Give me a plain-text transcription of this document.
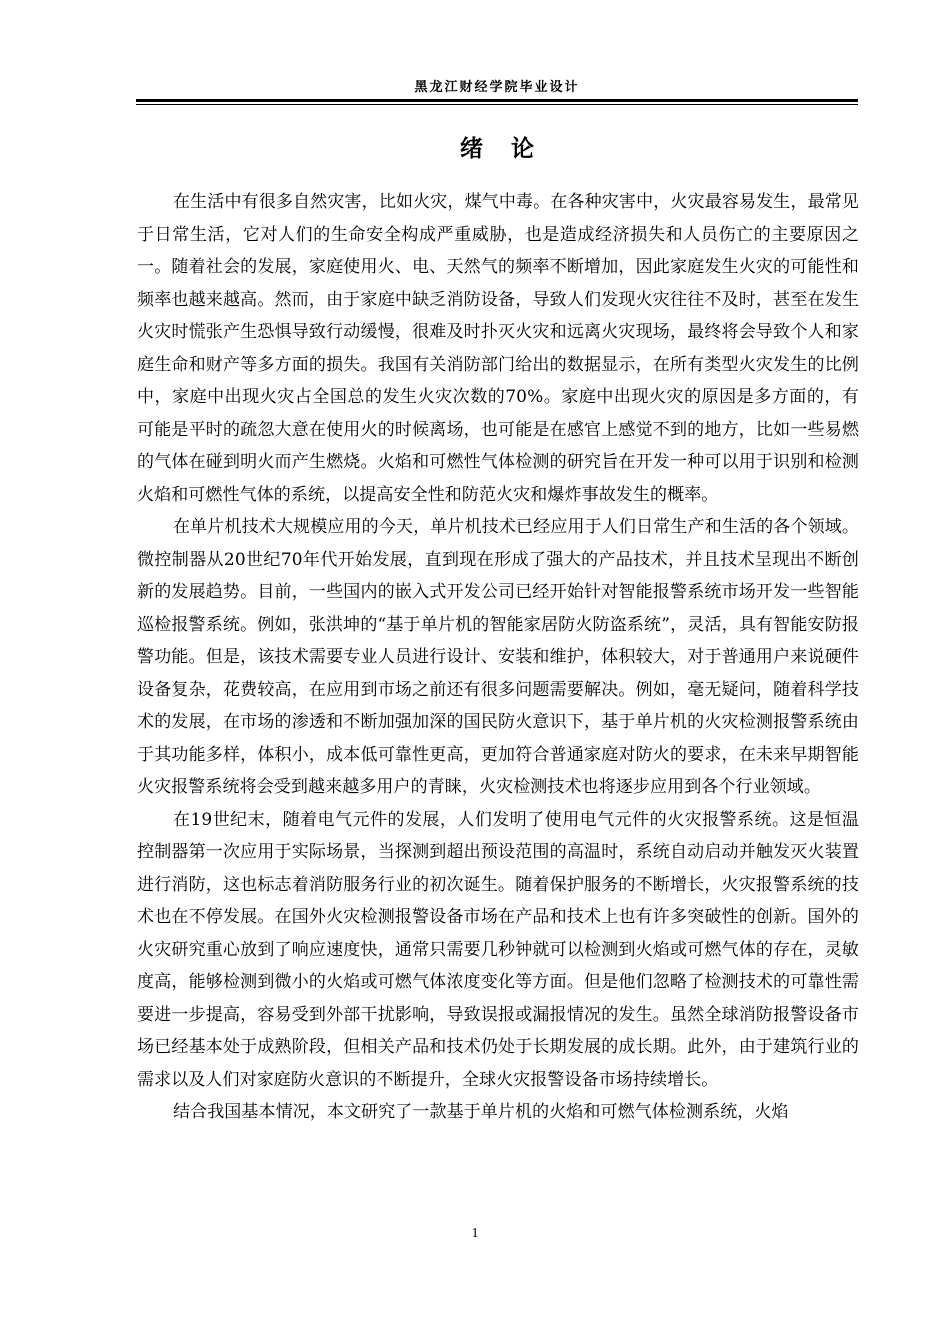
黑龙江财经学院毕业设计
绪论

在生活中有很多自然灾害，比如火灾，煤气中毒。在各种灾害中，火灾最容易发生，最常见于日常生活，它对人们的生命安全构成严重威胁，也是造成经济损失和人员伤亡的主要原因之一。随着社会的发展，家庭使用火、电、天然气的频率不断增加，因此家庭发生火灾的可能性和频率也越来越高。然而，由于家庭中缺乏消防设备，导致人们发现火灾往往不及时，甚至在发生火灾时慌张产生恐惧导致行动缓慢，很难及时扑灭火灾和远离火灾现场，最终将会导致个人和家庭生命和财产等多方面的损失。我国有关消防部门给出的数据显示，在所有类型火灾发生的比例中，家庭中出现火灾占全国总的发生火灾次数的70%。家庭中出现火灾的原因是多方面的，有可能是平时的疏忽大意在使用火的时候离场，也可能是在感官上感觉不到的地方，比如一些易燃的气体在碰到明火而产生燃烧。火焰和可燃性气体检测的研究旨在开发一种可以用于识别和检测火焰和可燃性气体的系统，以提高安全性和防范火灾和爆炸事故发生的概率。

在单片机技术大规模应用的今天，单片机技术已经应用于人们日常生产和生活的各个领域。微控制器从20世纪70年代开始发展，直到现在形成了强大的产品技术，并且技术呈现出不断创新的发展趋势。目前，一些国内的嵌入式开发公司已经开始针对智能报警系统市场开发一些智能巡检报警系统。例如，张洪坤的“基于单片机的智能家居防火防盗系统”，灵活，具有智能安防报警功能。但是，该技术需要专业人员进行设计、安装和维护，体积较大，对于普通用户来说硬件设备复杂，花费较高，在应用到市场之前还有很多问题需要解决。例如，毫无疑问，随着科学技术的发展，在市场的渗透和不断加强加深的国民防火意识下，基于单片机的火灾检测报警系统由于其功能多样，体积小，成本低可靠性更高，更加符合普通家庭对防火的要求，在未来早期智能火灾报警系统将会受到越来越多用户的青睐，火灾检测技术也将逐步应用到各个行业领域。

在19世纪末，随着电气元件的发展，人们发明了使用电气元件的火灾报警系统。这是恒温控制器第一次应用于实际场景，当探测到超出预设范围的高温时，系统自动启动并触发灭火装置进行消防，这也标志着消防服务行业的初次诞生。随着保护服务的不断增长，火灾报警系统的技术也在不停发展。在国外火灾检测报警设备市场在产品和技术上也有许多突破性的创新。国外的火灾研究重心放到了响应速度快，通常只需要几秒钟就可以检测到火焰或可燃气体的存在，灵敏度高，能够检测到微小的火焰或可燃气体浓度变化等方面。但是他们忽略了检测技术的可靠性需要进一步提高，容易受到外部干扰影响，导致误报或漏报情况的发生。虽然全球消防报警设备市场已经基本处于成熟阶段，但相关产品和技术仍处于长期发展的成长期。此外，由于建筑行业的需求以及人们对家庭防火意识的不断提升，全球火灾报警设备市场持续增长。

结合我国基本情况，本文研究了一款基于单片机的火焰和可燃气体检测系统，火焰

1
